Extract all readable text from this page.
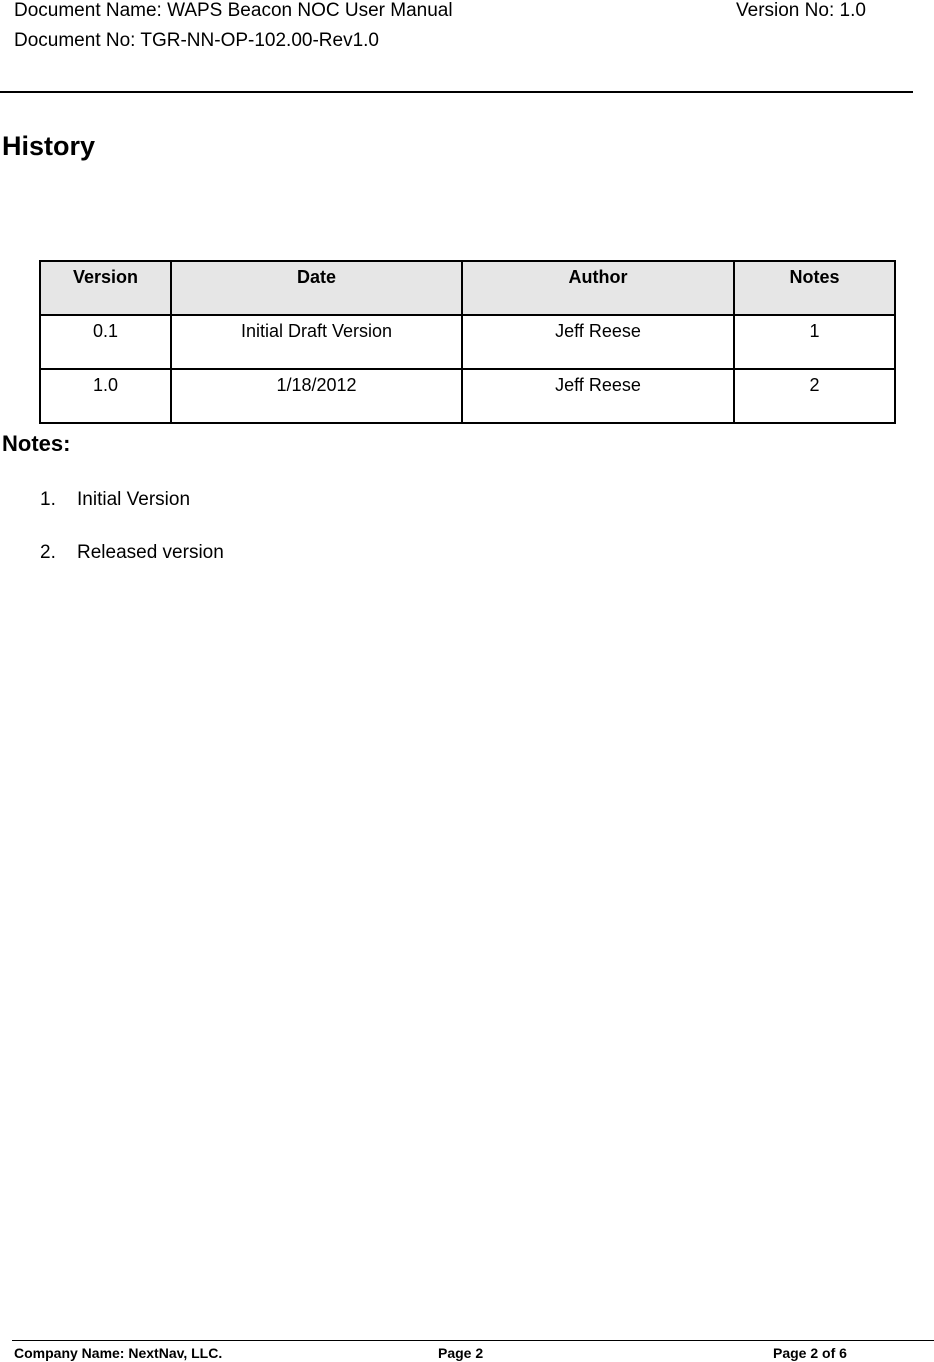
Document Name: WAPS Beacon NOC User Manual	Version No: 1.0
Document No: TGR-NN-OP-102.00-Rev1.0
History
Version	Date	Author	Notes
0.1	Initial Draft Version	Jeff Reese	1
1.0	1/18/2012	Jeff Reese	2
Notes:
1. Initial Version
2. Released version
Company Name: NextNav, LLC.	Page 2	Page 2 of 6
